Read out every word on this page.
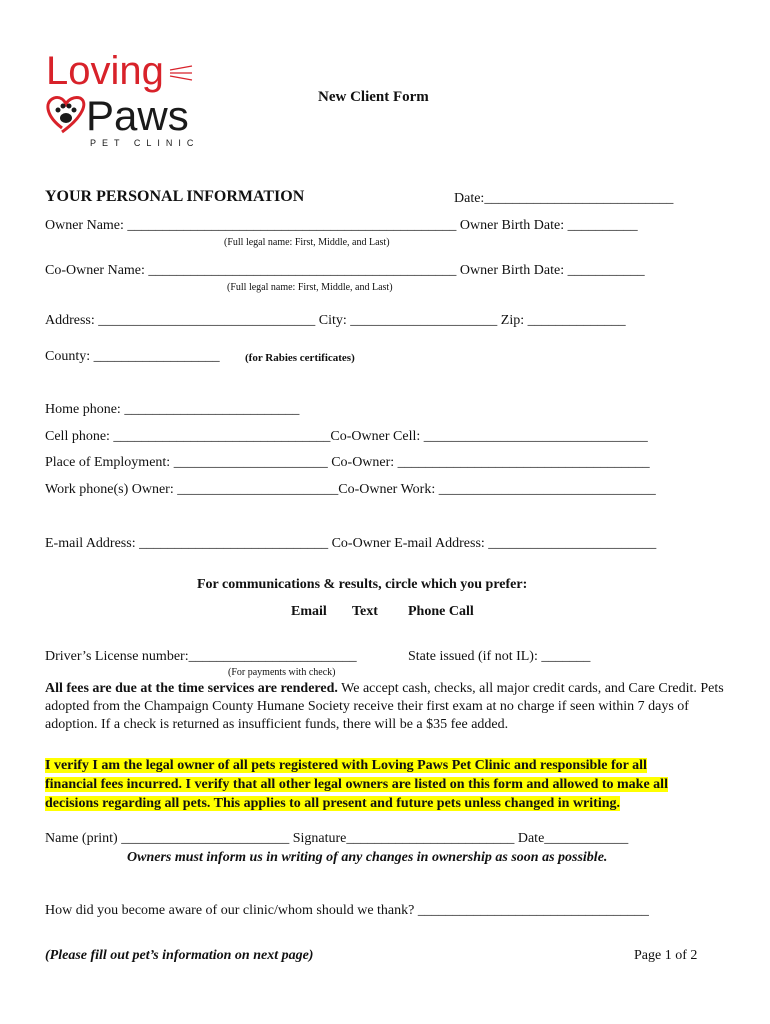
Loving
Paws
PET CLINIC
New Client Form
YOUR PERSONAL INFORMATION	Date:___________________________
Owner Name: _______________________________________________ Owner Birth Date: __________
(Full legal name: First, Middle, and Last)
Co-Owner Name: ____________________________________________ Owner Birth Date: ___________
(Full legal name: First, Middle, and Last)
Address: _______________________________ City: _____________________ Zip: ______________
County: __________________ (for Rabies certificates)
Home phone: _________________________
Cell phone: _______________________________Co-Owner Cell: ________________________________
Place of Employment: ______________________ Co-Owner: ____________________________________
Work phone(s) Owner: _______________________Co-Owner Work: _______________________________
E-mail Address: ___________________________ Co-Owner E-mail Address: ________________________
For communications & results, circle which you prefer:
Email Text Phone Call
Driver’s License number:________________________
(For payments with check)
State issued (if not IL): _______
All fees are due at the time services are rendered. We accept cash, checks, all major credit cards, and Care Credit. Pets adopted from the Champaign County Humane Society receive their first exam at no charge if seen within 7 days of adoption. If a check is returned as insufficient funds, there will be a $35 fee added.
I verify I am the legal owner of all pets registered with Loving Paws Pet Clinic and responsible for all
financial fees incurred. I verify that all other legal owners are listed on this form and allowed to make all
decisions regarding all pets. This applies to all present and future pets unless changed in writing.
Name (print) ________________________ Signature________________________ Date____________
Owners must inform us in writing of any changes in ownership as soon as possible.
How did you become aware of our clinic/whom should we thank? _________________________________
(Please fill out pet’s information on next page)	Page 1 of 2
